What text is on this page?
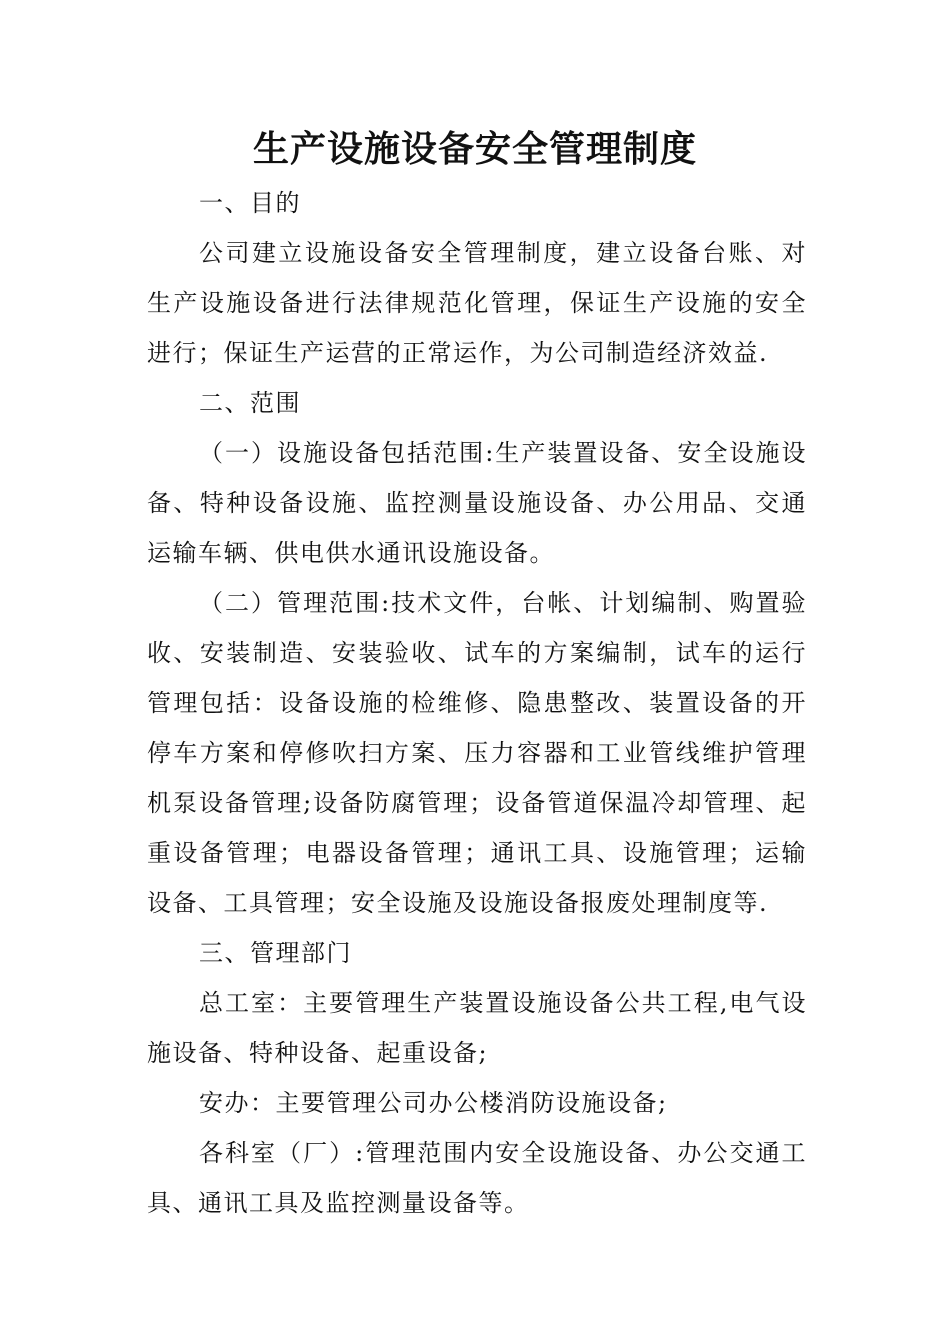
生产设施设备安全管理制度

一、目的

公司建立设施设备安全管理制度，建立设备台账、对生产设施设备进行法律规范化管理，保证生产设施的安全进行；保证生产运营的正常运作，为公司制造经济效益.

二、范围

（一）设施设备包括范围:生产装置设备、安全设施设备、特种设备设施、监控测量设施设备、办公用品、交通运输车辆、供电供水通讯设施设备。

（二）管理范围:技术文件，台帐、计划编制、购置验收、安装制造、安装验收、试车的方案编制，试车的运行管理包括：设备设施的检维修、隐患整改、装置设备的开停车方案和停修吹扫方案、压力容器和工业管线维护管理机泵设备管理;设备防腐管理；设备管道保温冷却管理、起重设备管理；电器设备管理；通讯工具、设施管理；运输设备、工具管理；安全设施及设施设备报废处理制度等.

三、管理部门

总工室：主要管理生产装置设施设备公共工程,电气设施设备、特种设备、起重设备;

安办：主要管理公司办公楼消防设施设备;

各科室（厂）:管理范围内安全设施设备、办公交通工具、通讯工具及监控测量设备等。
